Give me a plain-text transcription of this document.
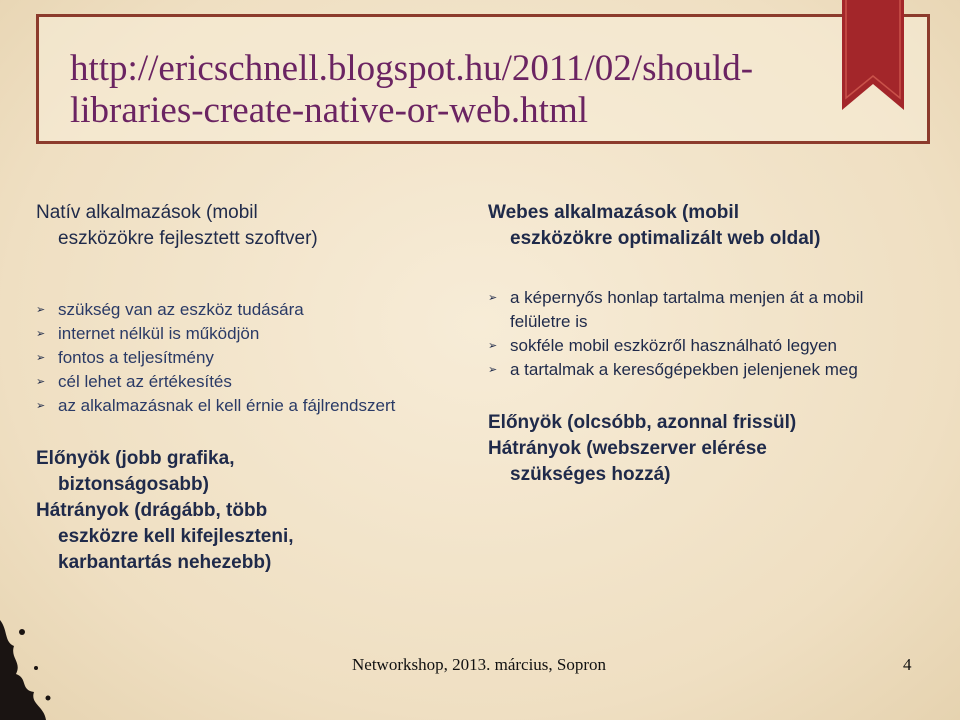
http://ericschnell.blogspot.hu/2011/02/should-
libraries-create-native-or-web.html

Natív alkalmazások (mobil
eszközökre fejlesztett szoftver)

➢ szükség van az eszköz tudására
➢ internet nélkül is működjön
➢ fontos a teljesítmény
➢ cél lehet az értékesítés
➢ az alkalmazásnak el kell érnie a fájlrendszert
Előnyök (jobb grafika,
biztonságosabb)
Hátrányok (drágább, több
eszközre kell kifejleszteni,
karbantartás nehezebb)

Webes alkalmazások (mobil
eszközökre optimalizált web oldal)

➢ a képernyős honlap tartalma menjen át a mobil felületre is
➢ sokféle mobil eszközről használható legyen
➢ a tartalmak a keresőgépekben jelenjenek meg
Előnyök (olcsóbb, azonnal frissül)
Hátrányok (webszerver elérése
szükséges hozzá)
Networkshop, 2013. március, Sopron	4
